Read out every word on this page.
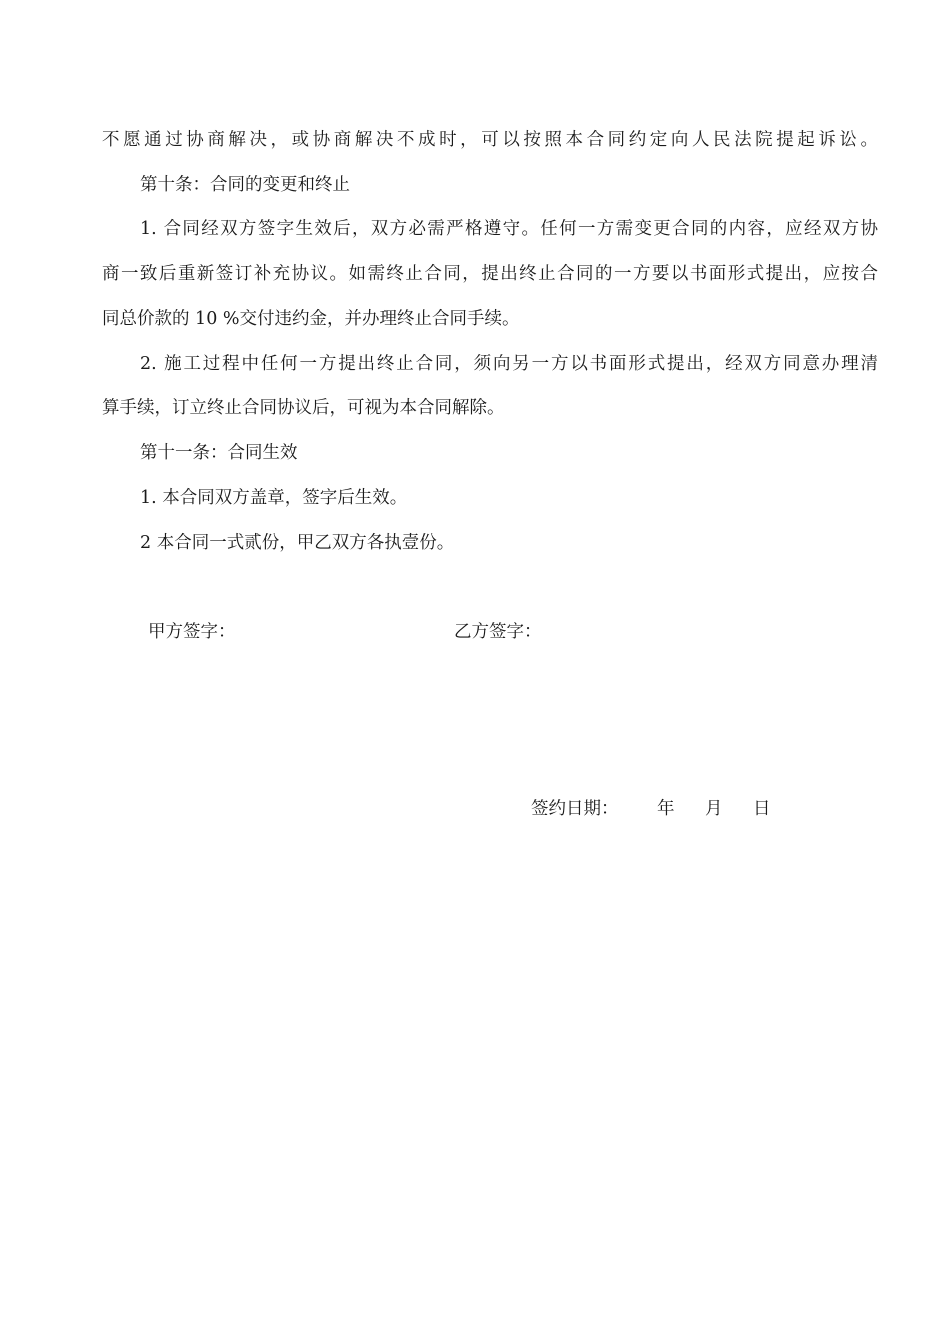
不愿通过协商解决，或协商解决不成时，可以按照本合同约定向人民法院提起诉讼。
第十条：合同的变更和终止
1. 合同经双方签字生效后，双方必需严格遵守。任何一方需变更合同的内容，应经双方协
商一致后重新签订补充协议。如需终止合同，提出终止合同的一方要以书面形式提出，应按合
同总价款的 10 %交付违约金，并办理终止合同手续。
2. 施工过程中任何一方提出终止合同，须向另一方以书面形式提出，经双方同意办理清
算手续，订立终止合同协议后，可视为本合同解除。
第十一条：合同生效
1. 本合同双方盖章，签字后生效。
2 本合同一式贰份，甲乙双方各执壹份。
甲方签字：	乙方签字：
签约日期： 年 月 日
